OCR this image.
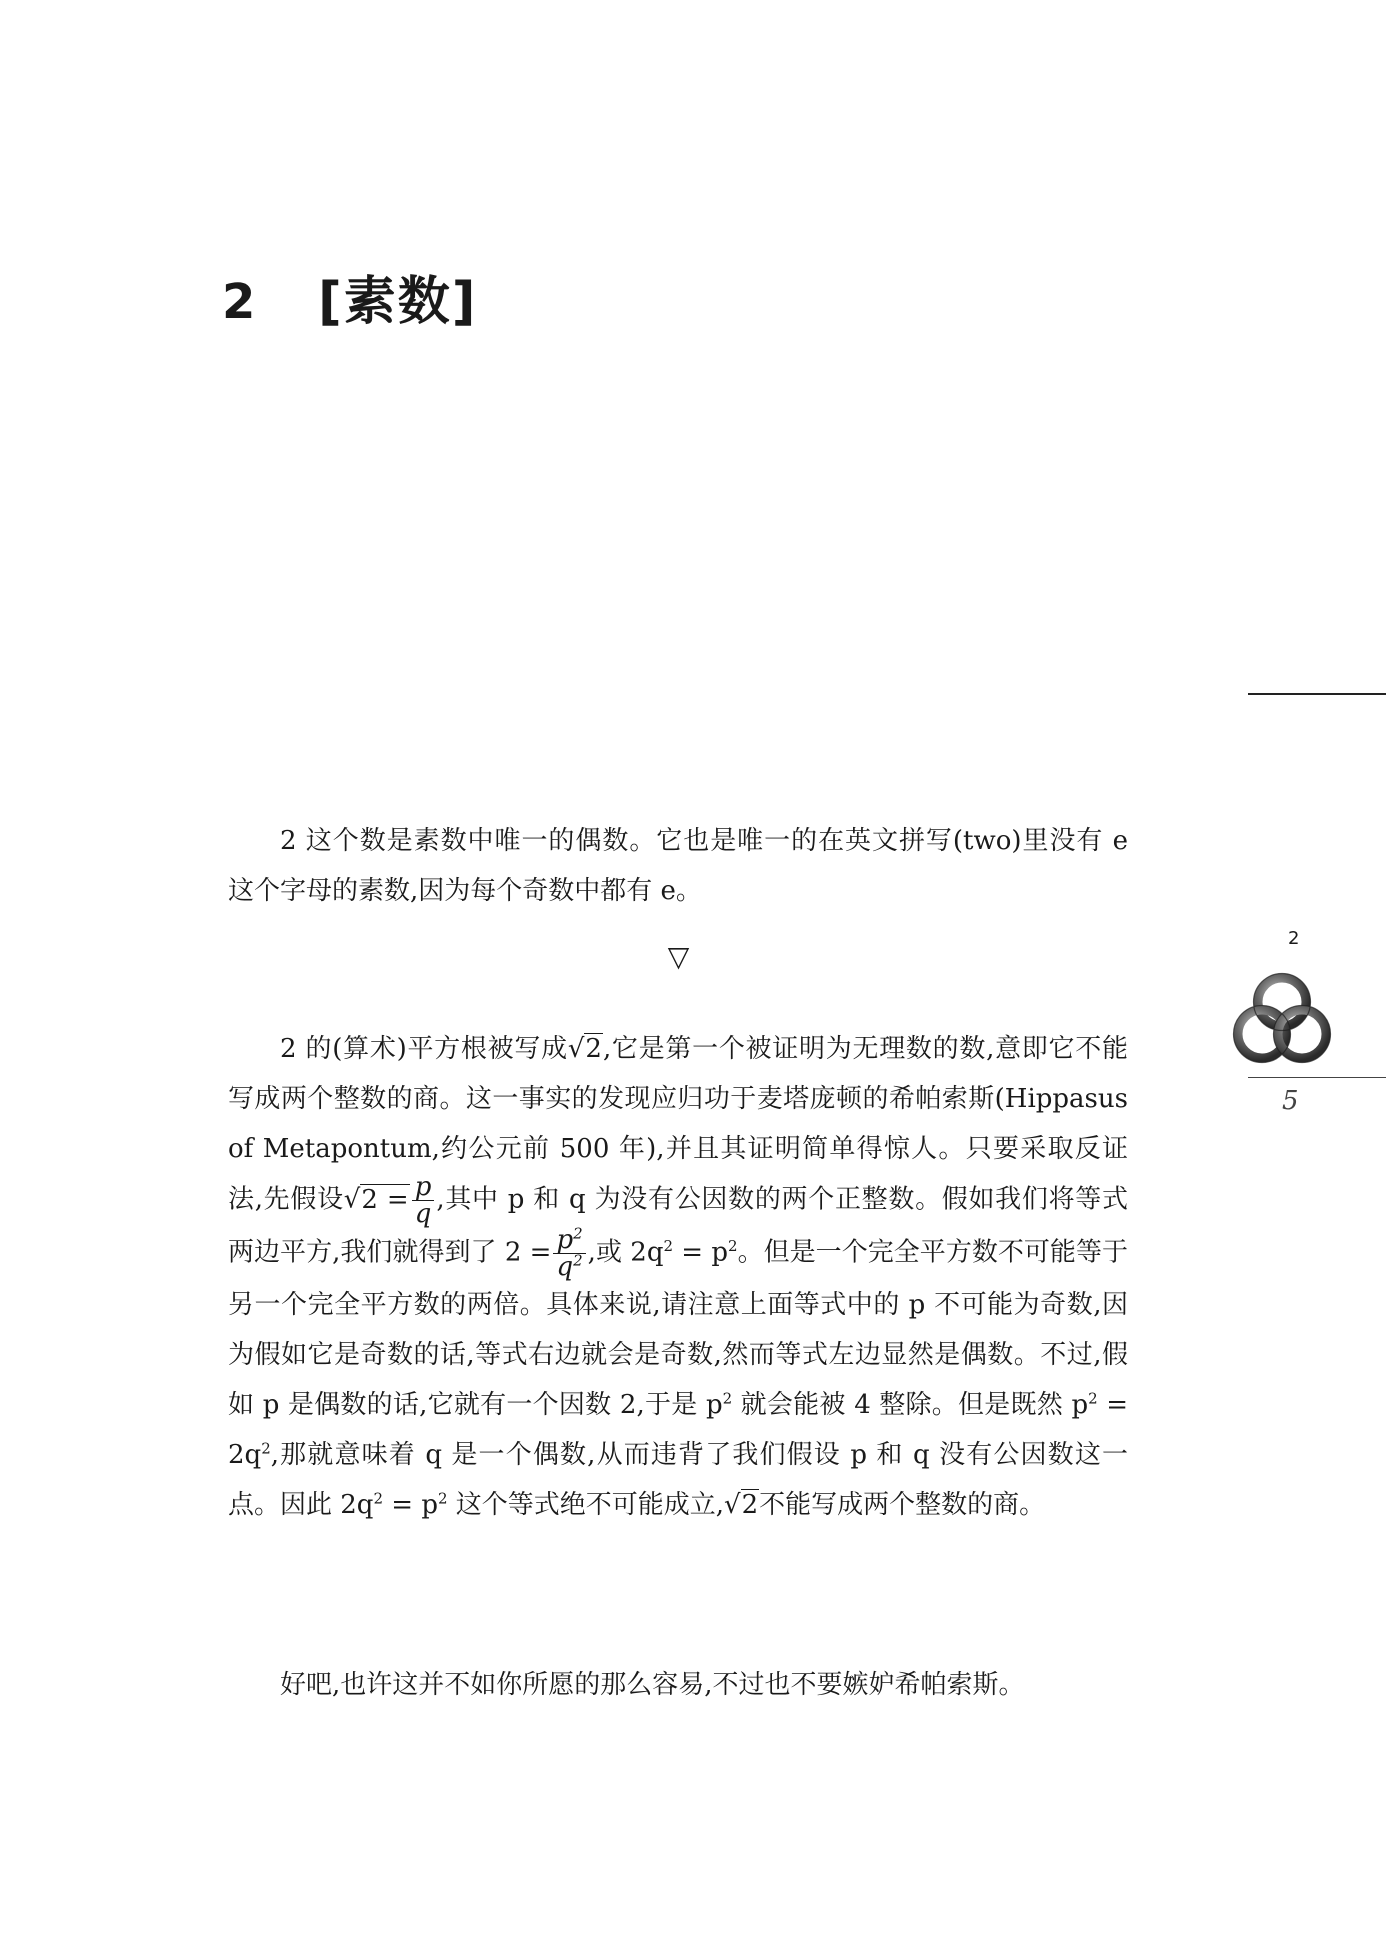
2 [素数]
2
5

2 这个数是素数中唯一的偶数。它也是唯一的在英文拼写(two)里没有 e 这个字母的素数,因为每个奇数中都有 e。

▽

2 的(算术)平方根被写成√2,它是第一个被证明为无理数的数,意即它不能写成两个整数的商。这一事实的发现应归功于麦塔庞顿的希帕索斯(Hippasus of Metapontum,约公元前 500 年),并且其证明简单得惊人。只要采取反证法,先假设$√2 = \frac{p}{q}$ ,其中 p 和 q 为没有公因数的两个正整数。假如我们将等式两边平方,我们就得到了 $2 = \frac{p^2}{q^2}$ ,或 $2q^2 = p^2$。但是一个完全平方数不可能等于另一个完全平方数的两倍。具体来说,请注意上面等式中的 p 不可能为奇数,因为假如它是奇数的话,等式右边就会是奇数,然而等式左边显然是偶数。不过,假如 p 是偶数的话,它就有一个因数 2,于是 $p^2$ 就会能被 4 整除。但是既然 $p^2 = 2q^2$,那就意味着 q 是一个偶数,从而违背了我们假设 p 和 q 没有公因数这一点。因此 $2q^2 = p^2$ 这个等式绝不可能成立,√2不能写成两个整数的商。

好吧,也许这并不如你所愿的那么容易,不过也不要嫉妒希帕索斯。
